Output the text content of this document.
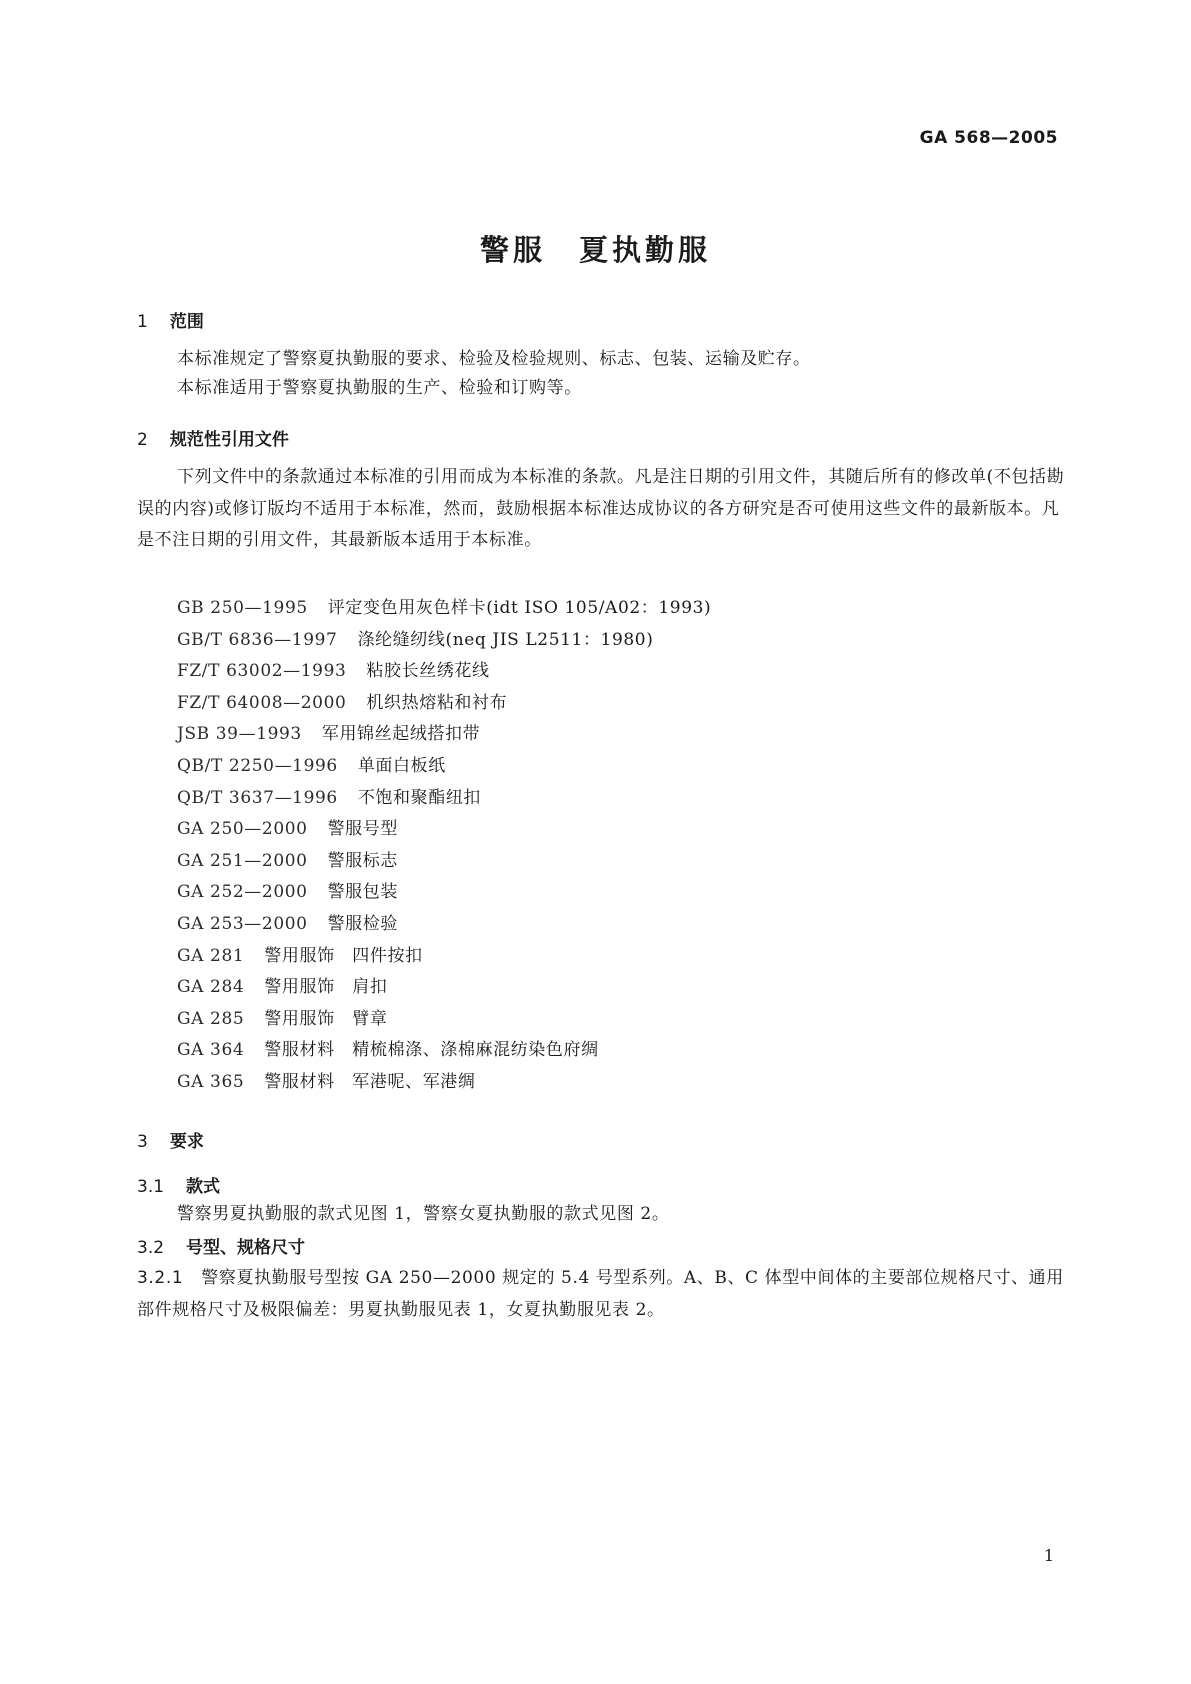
GA 568—2005
警服　夏执勤服
1 范围
本标准规定了警察夏执勤服的要求、检验及检验规则、标志、包装、运输及贮存。
本标准适用于警察夏执勤服的生产、检验和订购等。
2 规范性引用文件
下列文件中的条款通过本标准的引用而成为本标准的条款。凡是注日期的引用文件，其随后所有的修改单(不包括勘误的内容)或修订版均不适用于本标准，然而，鼓励根据本标准达成协议的各方研究是否可使用这些文件的最新版本。凡是不注日期的引用文件，其最新版本适用于本标准。
GB 250—1995 评定变色用灰色样卡(idt ISO 105/A02：1993)
GB/T 6836—1997 涤纶缝纫线(neq JIS L2511：1980)
FZ/T 63002—1993 粘胶长丝绣花线
FZ/T 64008—2000 机织热熔粘和衬布
JSB 39—1993 军用锦丝起绒搭扣带
QB/T 2250—1996 单面白板纸
QB/T 3637—1996 不饱和聚酯纽扣
GA 250—2000 警服号型
GA 251—2000 警服标志
GA 252—2000 警服包装
GA 253—2000 警服检验
GA 281 警用服饰　四件按扣
GA 284 警用服饰　肩扣
GA 285 警用服饰　臂章
GA 364 警服材料　精梳棉涤、涤棉麻混纺染色府绸
GA 365 警服材料　军港呢、军港绸
3 要求
3.1 款式
警察男夏执勤服的款式见图 1，警察女夏执勤服的款式见图 2。
3.2 号型、规格尺寸
3.2.1 警察夏执勤服号型按 GA 250—2000 规定的 5.4 号型系列。A、B、C 体型中间体的主要部位规格尺寸、通用部件规格尺寸及极限偏差：男夏执勤服见表 1，女夏执勤服见表 2。
1
